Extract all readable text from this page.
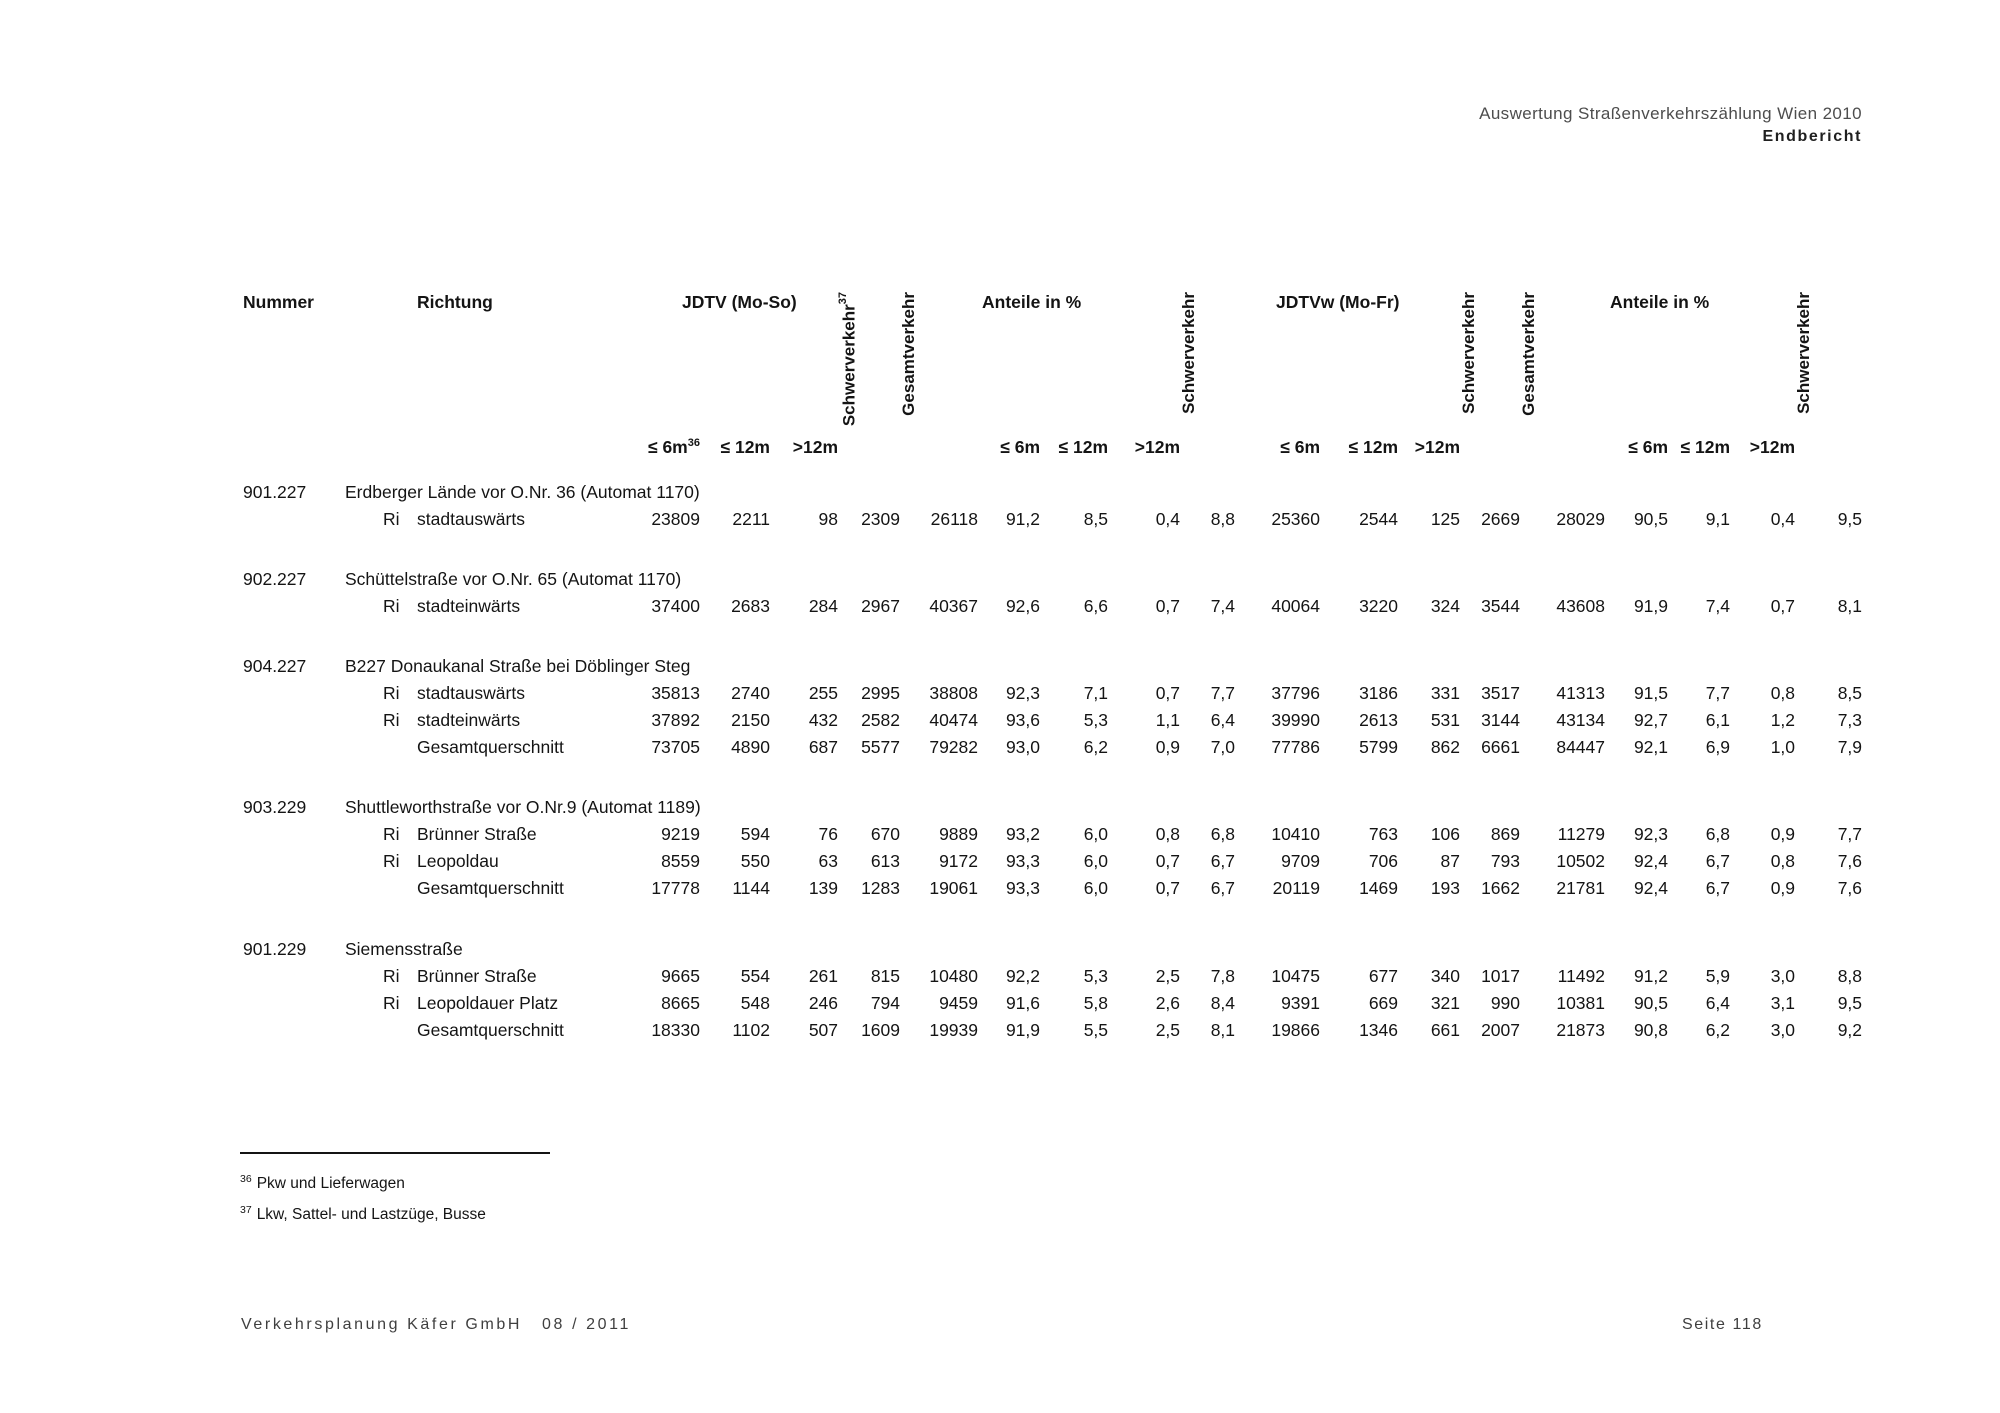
Auswertung Straßenverkehrszählung Wien 2010
Endbericht
Nummer		Richtung	JDTV (Mo-So)			Schwerverkehr$^{37}$	Gesamtverkehr	Anteile in %			Schwerverkehr	JDTVw (Mo-Fr)			Schwerverkehr	Gesamtverkehr	Anteile in %			Schwerverkehr
			≤ $6m^{36}$	≤ 12m	>12m			≤ 6m	≤ 12m	>12m		≤ 6m	≤ 12m	>12m			≤ 6m	≤ 12m	>12m	
901.227	Erdberger Lände vor O.Nr. 36 (Automat 1170)																			
	Ri	stadtauswärts	23809	2211	98	2309	26118	91,2	8,5	0,4	8,8	25360	2544	125	2669	28029	90,5	9,1	0,4	9,5
902.227	Schüttelstraße vor O.Nr. 65 (Automat 1170)																			
	Ri	stadteinwärts	37400	2683	284	2967	40367	92,6	6,6	0,7	7,4	40064	3220	324	3544	43608	91,9	7,4	0,7	8,1
904.227	B227 Donaukanal Straße bei Döblinger Steg																			
	Ri	stadtauswärts	35813	2740	255	2995	38808	92,3	7,1	0,7	7,7	37796	3186	331	3517	41313	91,5	7,7	0,8	8,5
	Ri	stadteinwärts	37892	2150	432	2582	40474	93,6	5,3	1,1	6,4	39990	2613	531	3144	43134	92,7	6,1	1,2	7,3
		Gesamtquerschnitt	73705	4890	687	5577	79282	93,0	6,2	0,9	7,0	77786	5799	862	6661	84447	92,1	6,9	1,0	7,9
903.229	Shuttleworthstraße vor O.Nr.9 (Automat 1189)																			
	Ri	Brünner Straße	9219	594	76	670	9889	93,2	6,0	0,8	6,8	10410	763	106	869	11279	92,3	6,8	0,9	7,7
	Ri	Leopoldau	8559	550	63	613	9172	93,3	6,0	0,7	6,7	9709	706	87	793	10502	92,4	6,7	0,8	7,6
		Gesamtquerschnitt	17778	1144	139	1283	19061	93,3	6,0	0,7	6,7	20119	1469	193	1662	21781	92,4	6,7	0,9	7,6
901.229	Siemensstraße																			
	Ri	Brünner Straße	9665	554	261	815	10480	92,2	5,3	2,5	7,8	10475	677	340	1017	11492	91,2	5,9	3,0	8,8
	Ri	Leopoldauer Platz	8665	548	246	794	9459	91,6	5,8	2,6	8,4	9391	669	321	990	10381	90,5	6,4	3,1	9,5
		Gesamtquerschnitt	18330	1102	507	1609	19939	91,9	5,5	2,5	8,1	19866	1346	661	2007	21873	90,8	6,2	3,0	9,2
$^{36}$ Pkw und Lieferwagen
$^{37}$ Lkw, Sattel- und Lastzüge, Busse
Verkehrsplanung Käfer GmbH 08 / 2011	Seite 118
